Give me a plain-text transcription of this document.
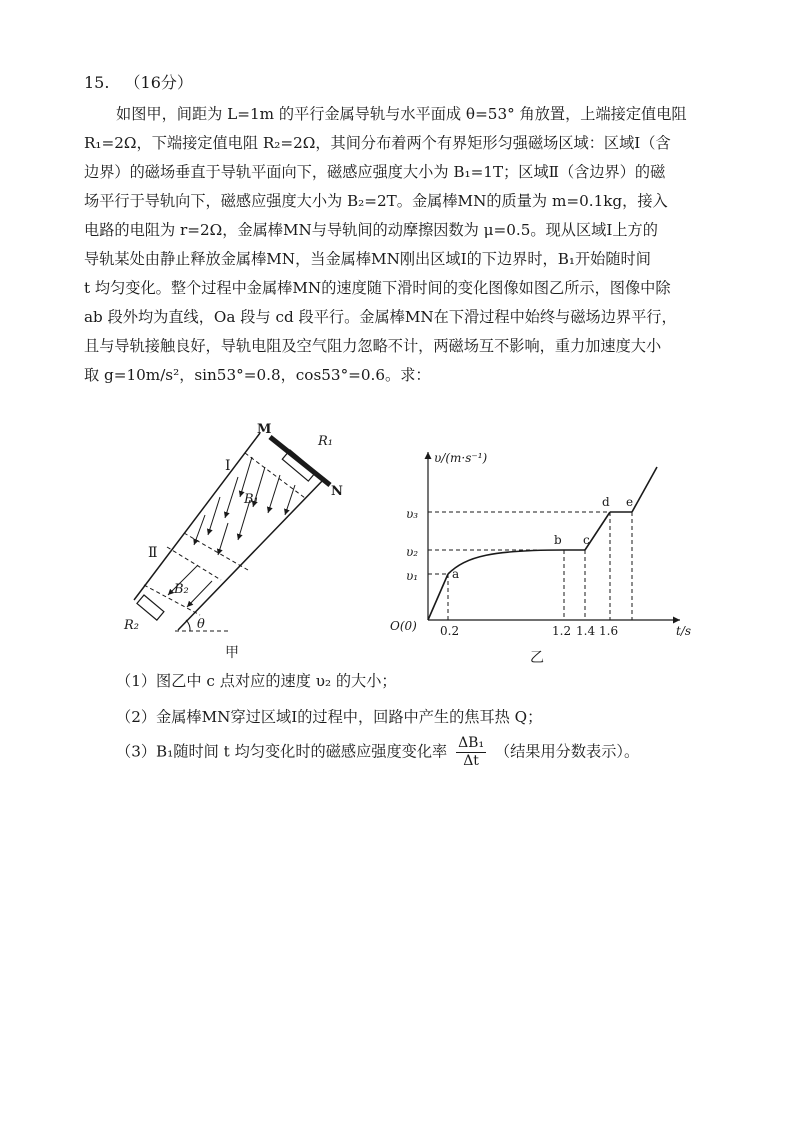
15. （16分）

如图甲，间距为 L=1m 的平行金属导轨与水平面成 θ=53° 角放置，上端接定值电阻

R₁=2Ω，下端接定值电阻 R₂=2Ω，其间分布着两个有界矩形匀强磁场区域：区域Ⅰ（含

边界）的磁场垂直于导轨平面向下，磁感应强度大小为 B₁=1T；区域Ⅱ（含边界）的磁

场平行于导轨向下，磁感应强度大小为 B₂=2T。金属棒MN的质量为 m=0.1kg，接入

电路的电阻为 r=2Ω，金属棒MN与导轨间的动摩擦因数为 μ=0.5。现从区域Ⅰ上方的

导轨某处由静止释放金属棒MN，当金属棒MN刚出区域Ⅰ的下边界时，B₁开始随时间

t 均匀变化。整个过程中金属棒MN的速度随下滑时间的变化图像如图乙所示，图像中除

ab 段外均为直线，Oa 段与 cd 段平行。金属棒MN在下滑过程中始终与磁场边界平行，

且与导轨接触良好，导轨电阻及空气阻力忽略不计，两磁场互不影响，重力加速度大小

取 g=10m/s²，sin53°=0.8，cos53°=0.6。求：

M
N
R₁
R₂
Ⅰ
Ⅱ
B₁
B₂
θ
甲
υ/(m·s⁻¹)
t/s
O(0) 0.2	1.2 1.4 1.6
υ₁
υ₂
υ₃
乙
a
b c
d e
（1）图乙中 c 点对应的速度 υ₂ 的大小；
（2）金属棒MN穿过区域Ⅰ的过程中，回路中产生的焦耳热 Q；
（3）B₁随时间 t 均匀变化时的磁感应强度变化率 $\frac{\text{ΔB₁}}{\Delta t}$ （结果用分数表示）。
